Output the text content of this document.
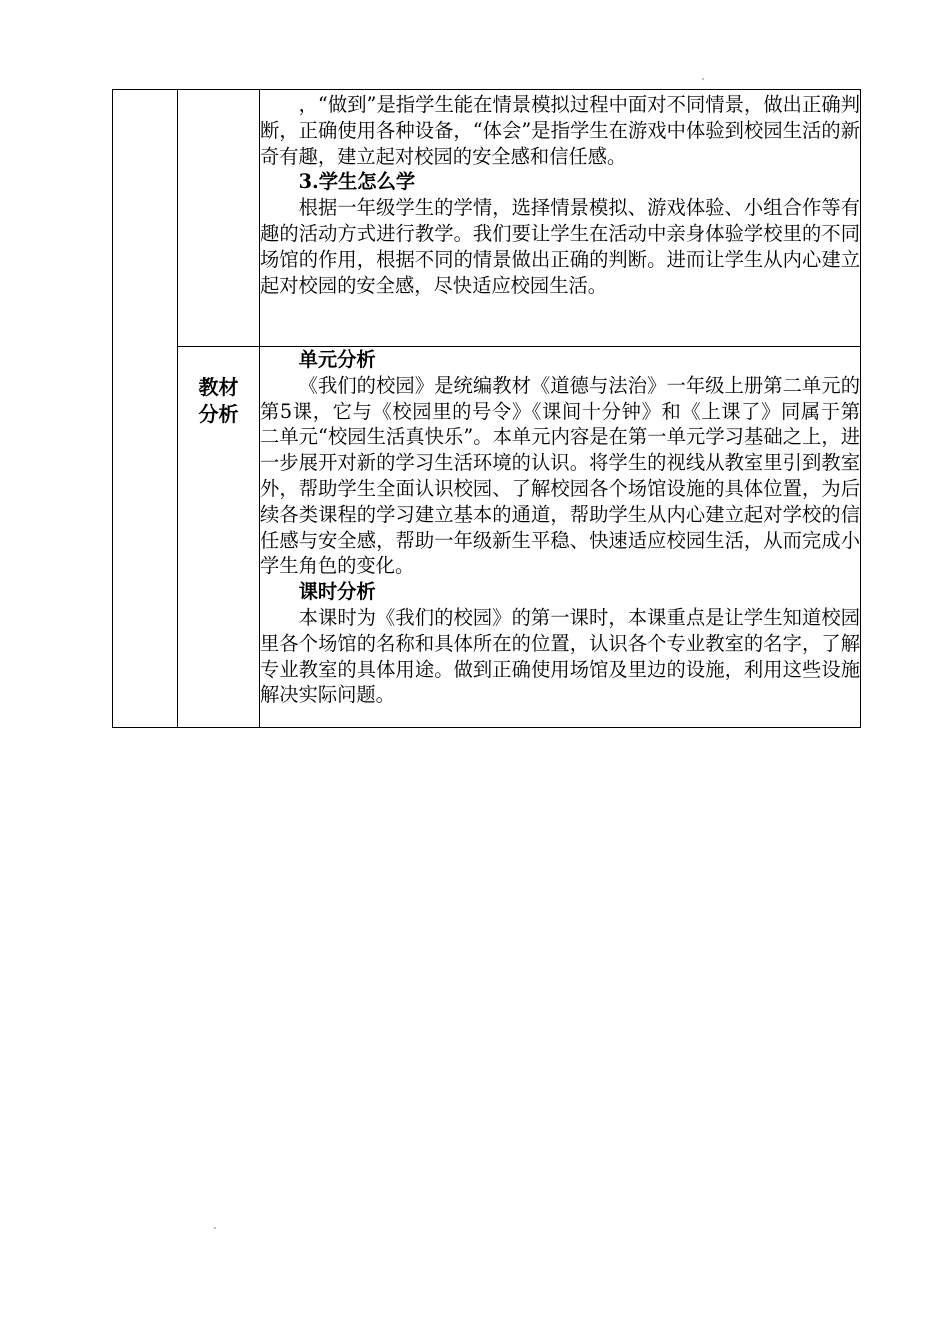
		，“做到”是指学生能在情景模拟过程中面对不同情景，做出正确判断，正确使用各种设备，“体会”是指学生在游戏中体验到校园生活的新奇有趣，建立起对校园的安全感和信任感。

3.学生怎么学

根据一年级学生的学情，选择情景模拟、游戏体验、小组合作等有趣的活动方式进行教学。我们要让学生在活动中亲身体验学校里的不同场馆的作用，根据不同的情景做出正确的判断。进而让学生从内心建立起对校园的安全感，尽快适应校园生活。

	教材分析	单元分析

《我们的校园》是统编教材《道德与法治》一年级上册第二单元的第5课，它与《校园里的号令》《课间十分钟》和《上课了》同属于第二单元“校园生活真快乐”。本单元内容是在第一单元学习基础之上，进一步展开对新的学习生活环境的认识。将学生的视线从教室里引到教室外，帮助学生全面认识校园、了解校园各个场馆设施的具体位置，为后续各类课程的学习建立基本的通道，帮助学生从内心建立起对学校的信任感与安全感，帮助一年级新生平稳、快速适应校园生活，从而完成小学生角色的变化。

课时分析

本课时为《我们的校园》的第一课时，本课重点是让学生知道校园里各个场馆的名称和具体所在的位置，认识各个专业教室的名字，了解专业教室的具体用途。做到正确使用场馆及里边的设施，利用这些设施解决实际问题。
